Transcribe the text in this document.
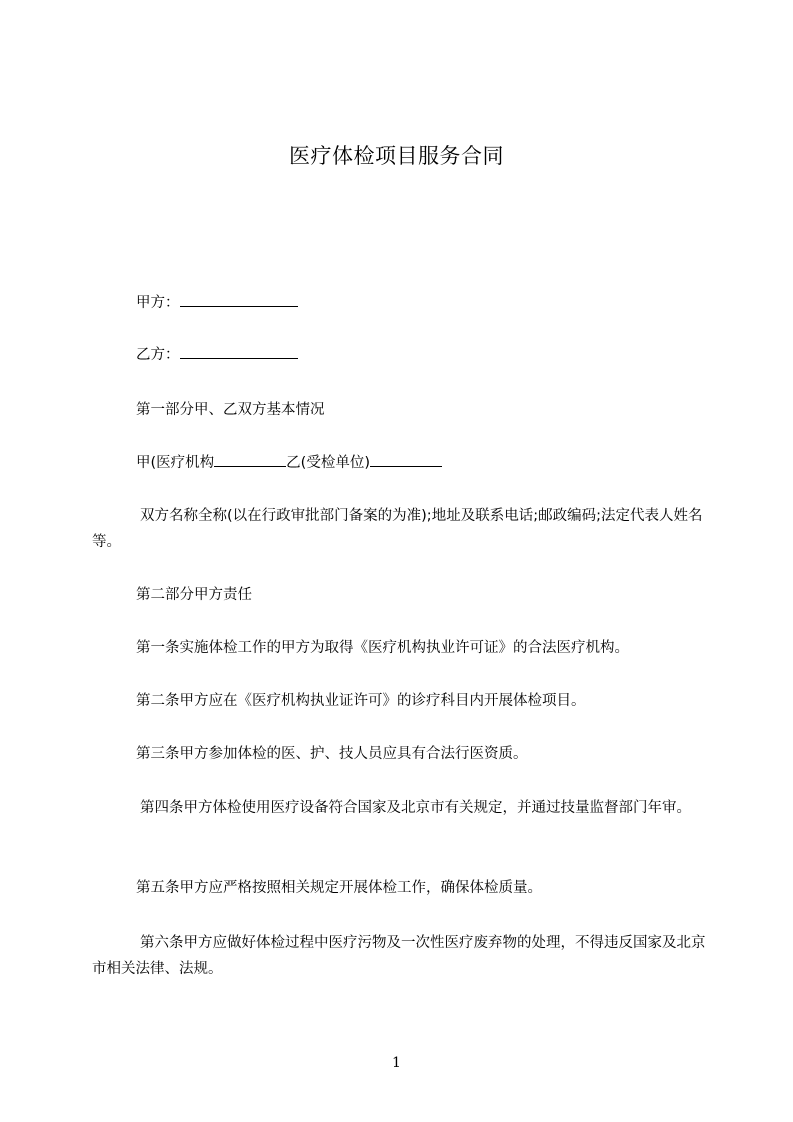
医疗体检项目服务合同

甲方：

乙方：

第一部分甲、乙双方基本情况

甲(医疗机构	乙(受检单位)

双方名称全称(以在行政审批部门备案的为准);地址及联系电话;邮政编码;法定代表人姓名等。

第二部分甲方责任

第一条实施体检工作的甲方为取得《医疗机构执业许可证》的合法医疗机构。

第二条甲方应在《医疗机构执业证许可》的诊疗科目内开展体检项目。

第三条甲方参加体检的医、护、技人员应具有合法行医资质。

第四条甲方体检使用医疗设备符合国家及北京市有关规定，并通过技量监督部门年审。

第五条甲方应严格按照相关规定开展体检工作，确保体检质量。

第六条甲方应做好体检过程中医疗污物及一次性医疗废弃物的处理，不得违反国家及北京市相关法律、法规。

1
